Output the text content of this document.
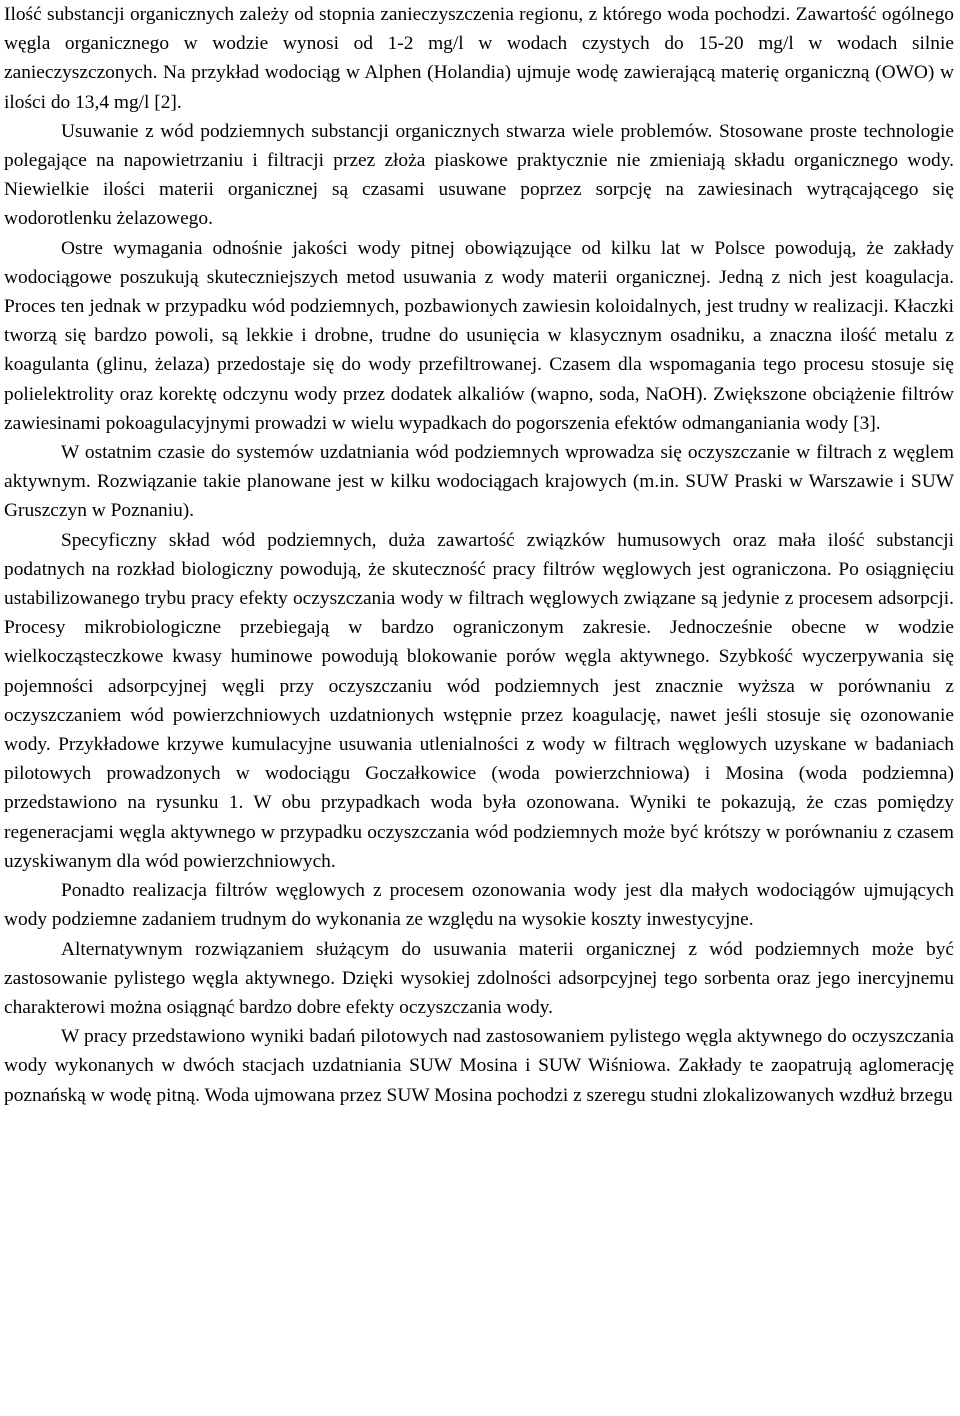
Ilość substancji organicznych zależy od stopnia zanieczyszczenia regionu, z którego woda pochodzi. Zawartość ogólnego węgla organicznego w wodzie wynosi od 1-2 mg/l w wodach czystych do 15-20 mg/l w wodach silnie zanieczyszczonych. Na przykład wodociąg w Alphen (Holandia) ujmuje wodę zawierającą materię organiczną (OWO) w ilości do 13,4 mg/l [2].

Usuwanie z wód podziemnych substancji organicznych stwarza wiele problemów. Stosowane proste technologie polegające na napowietrzaniu i filtracji przez złoża piaskowe praktycznie nie zmieniają składu organicznego wody. Niewielkie ilości materii organicznej są czasami usuwane poprzez sorpcję na zawiesinach wytrącającego się wodorotlenku żelazowego.

Ostre wymagania odnośnie jakości wody pitnej obowiązujące od kilku lat w Polsce powodują, że zakłady wodociągowe poszukują skuteczniejszych metod usuwania z wody materii organicznej. Jedną z nich jest koagulacja. Proces ten jednak w przypadku wód podziemnych, pozbawionych zawiesin koloidalnych, jest trudny w realizacji. Kłaczki tworzą się bardzo powoli, są lekkie i drobne, trudne do usunięcia w klasycznym osadniku, a znaczna ilość metalu z koagulanta (glinu, żelaza) przedostaje się do wody przefiltrowanej. Czasem dla wspomagania tego procesu stosuje się polielektrolity oraz korektę odczynu wody przez dodatek alkaliów (wapno, soda, NaOH). Zwiększone obciążenie filtrów zawiesinami pokoagulacyjnymi prowadzi w wielu wypadkach do pogorszenia efektów odmanganiania wody [3].

W ostatnim czasie do systemów uzdatniania wód podziemnych wprowadza się oczyszczanie w filtrach z węglem aktywnym. Rozwiązanie takie planowane jest w kilku wodociągach krajowych (m.in. SUW Praski w Warszawie i SUW Gruszczyn w Poznaniu).

Specyficzny skład wód podziemnych, duża zawartość związków humusowych oraz mała ilość substancji podatnych na rozkład biologiczny powodują, że skuteczność pracy filtrów węglowych jest ograniczona. Po osiągnięciu ustabilizowanego trybu pracy efekty oczyszczania wody w filtrach węglowych związane są jedynie z procesem adsorpcji. Procesy mikrobiologiczne przebiegają w bardzo ograniczonym zakresie. Jednocześnie obecne w wodzie wielkocząsteczkowe kwasy huminowe powodują blokowanie porów węgla aktywnego. Szybkość wyczerpywania się pojemności adsorpcyjnej węgli przy oczyszczaniu wód podziemnych jest znacznie wyższa w porównaniu z oczyszczaniem wód powierzchniowych uzdatnionych wstępnie przez koagulację, nawet jeśli stosuje się ozonowanie wody. Przykładowe krzywe kumulacyjne usuwania utlenialności z wody w filtrach węglowych uzyskane w badaniach pilotowych prowadzonych w wodociągu Goczałkowice (woda powierzchniowa) i Mosina (woda podziemna) przedstawiono na rysunku 1. W obu przypadkach woda była ozonowana. Wyniki te pokazują, że czas pomiędzy regeneracjami węgla aktywnego w przypadku oczyszczania wód podziemnych może być krótszy w porównaniu z czasem uzyskiwanym dla wód powierzchniowych.

Ponadto realizacja filtrów węglowych z procesem ozonowania wody jest dla małych wodociągów ujmujących wody podziemne zadaniem trudnym do wykonania ze względu na wysokie koszty inwestycyjne.

Alternatywnym rozwiązaniem służącym do usuwania materii organicznej z wód podziemnych może być zastosowanie pylistego węgla aktywnego. Dzięki wysokiej zdolności adsorpcyjnej tego sorbenta oraz jego inercyjnemu charakterowi można osiągnąć bardzo dobre efekty oczyszczania wody.

W pracy przedstawiono wyniki badań pilotowych nad zastosowaniem pylistego węgla aktywnego do oczyszczania wody wykonanych w dwóch stacjach uzdatniania SUW Mosina i SUW Wiśniowa. Zakłady te zaopatrują aglomerację poznańską w wodę pitną. Woda ujmowana przez SUW Mosina pochodzi z szeregu studni zlokalizowanych wzdłuż brzegu
